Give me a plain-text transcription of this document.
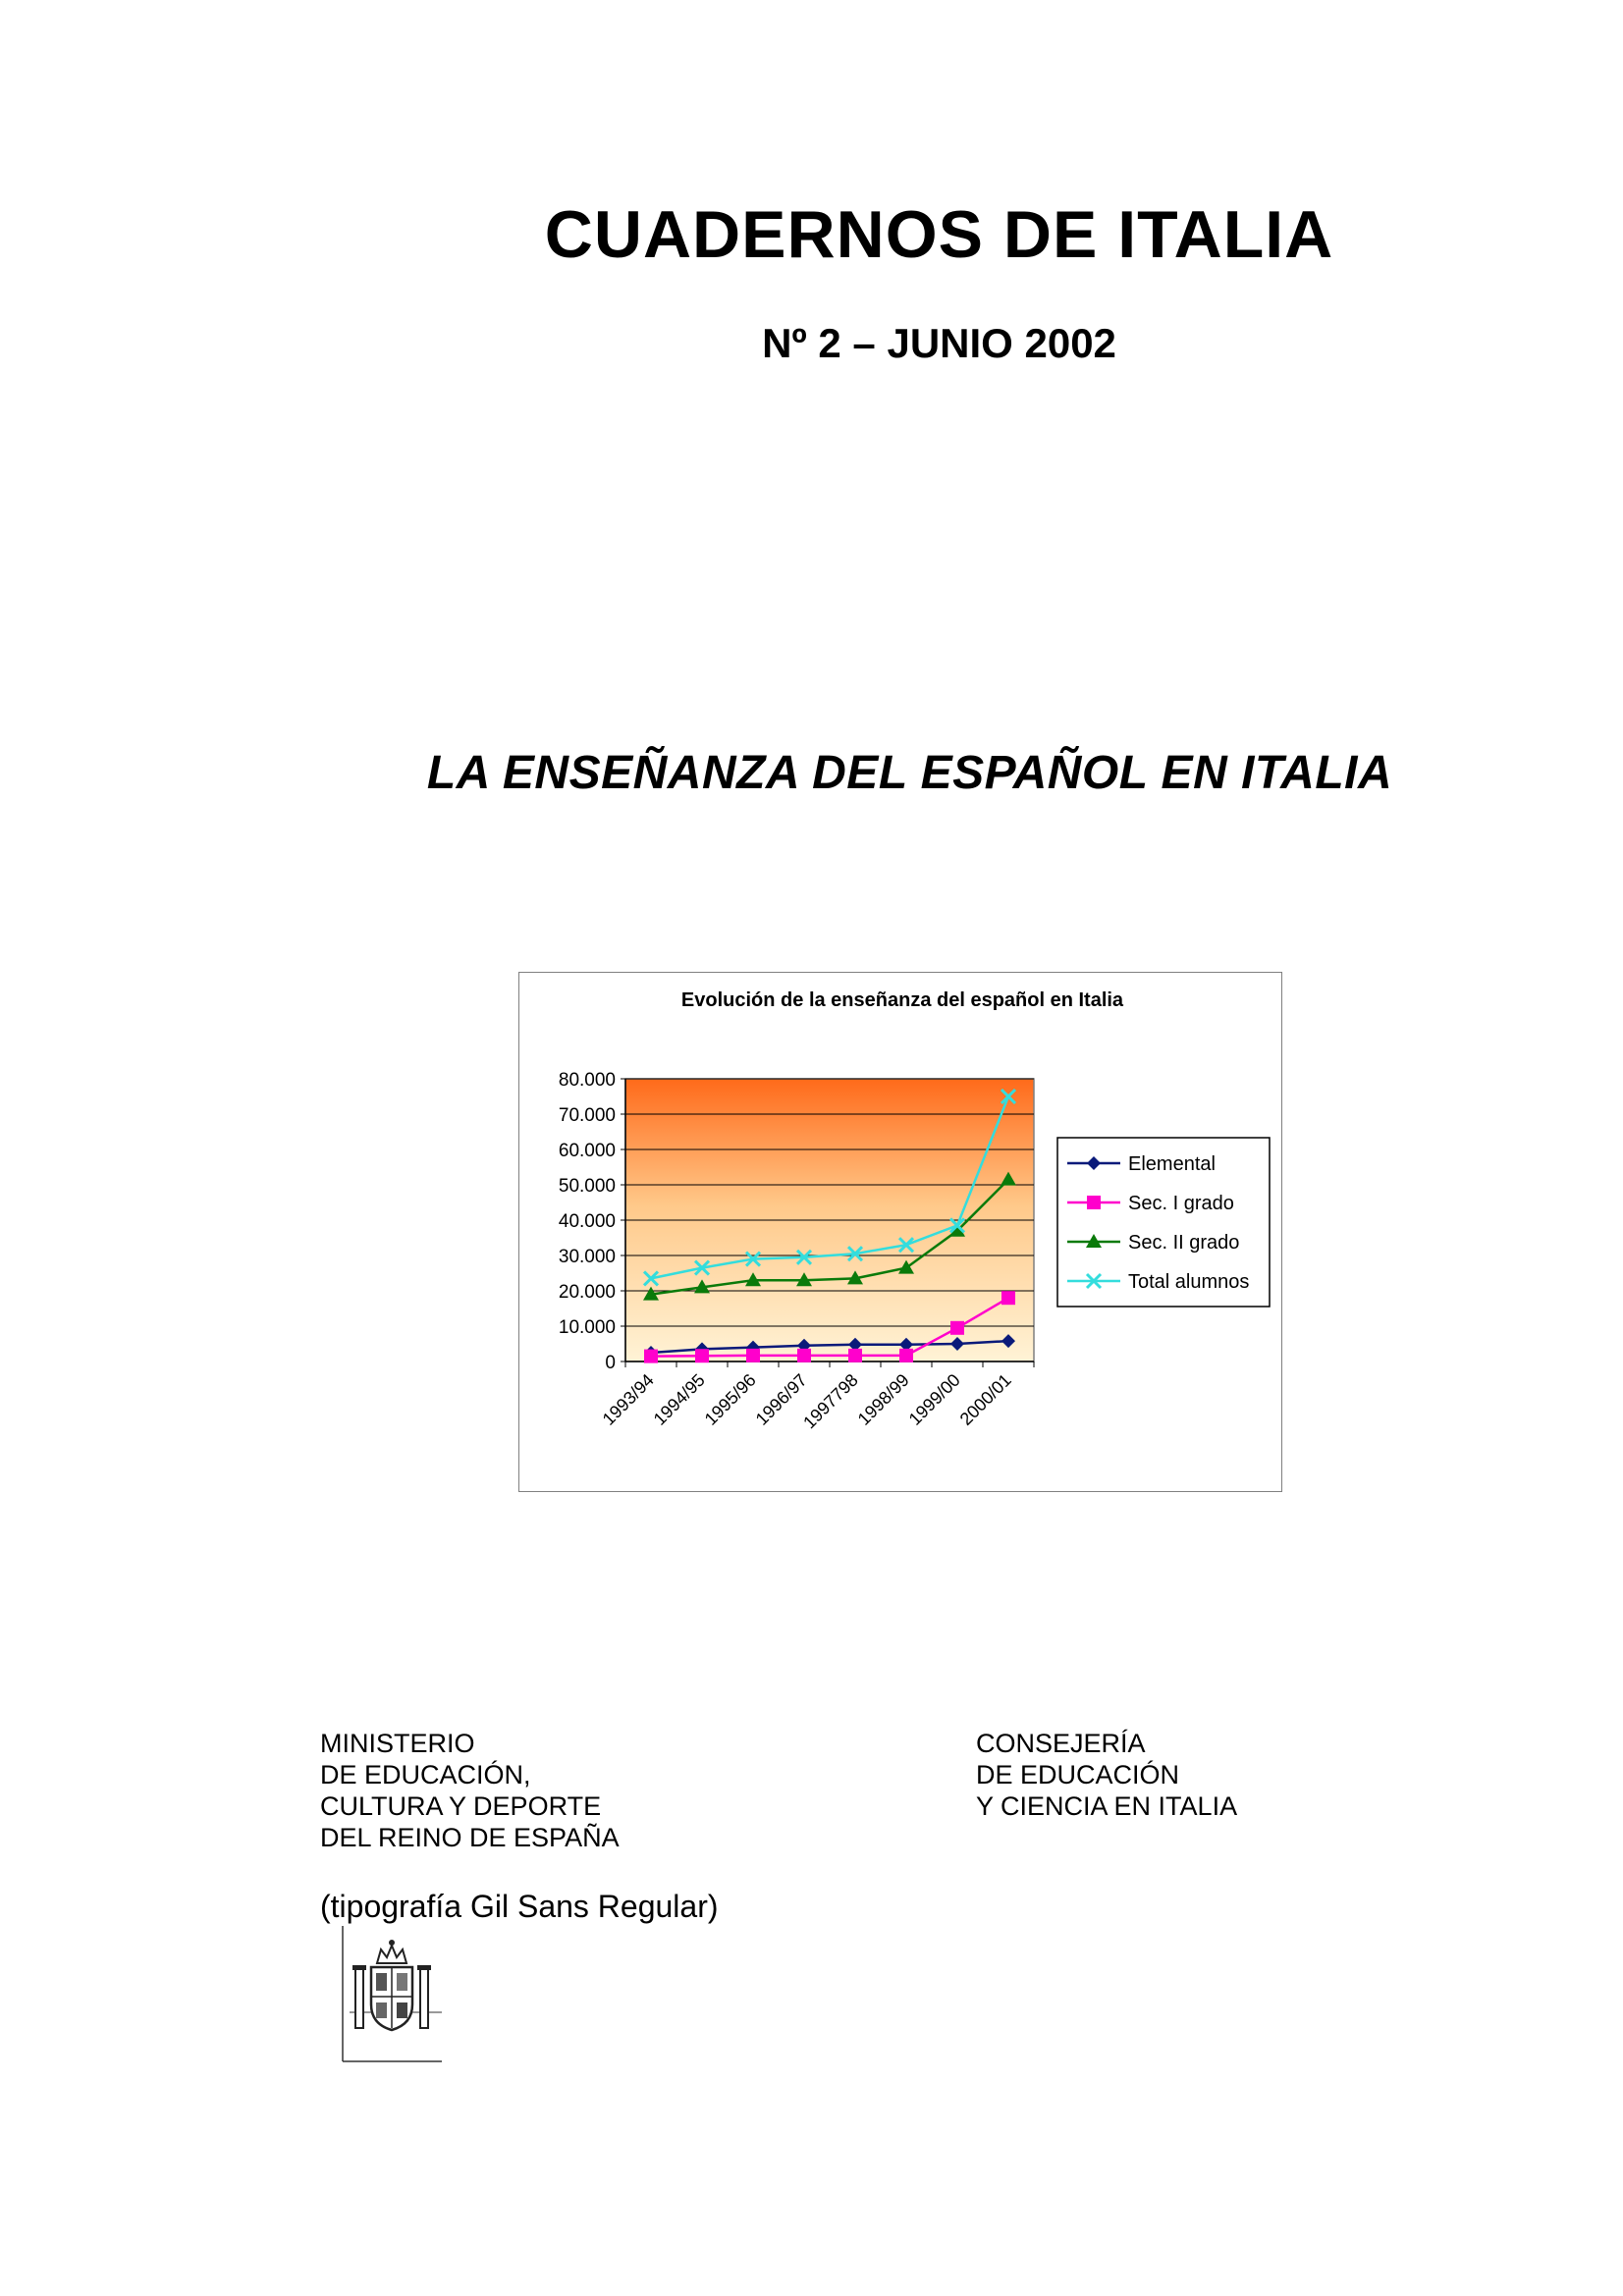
CUADERNOS DE ITALIA
Nº 2 – JUNIO 2002
LA ENSEÑANZA DEL ESPAÑOL EN ITALIA
Evolución de la enseñanza del español en Italia
0
10.000
20.000
30.000
40.000
50.000
60.000
70.000
80.000
1993/94
1994/95
1995/96
1996/97
1997798
1998/99
1999/00
2000/01
Elemental
Sec. I grado
Sec. II grado
Total alumnos
MINISTERIO
DE EDUCACIÓN,
CULTURA Y DEPORTE
DEL REINO DE ESPAÑA
CONSEJERÍA
DE EDUCACIÓN
Y CIENCIA EN ITALIA
(tipografía Gil Sans Regular)
